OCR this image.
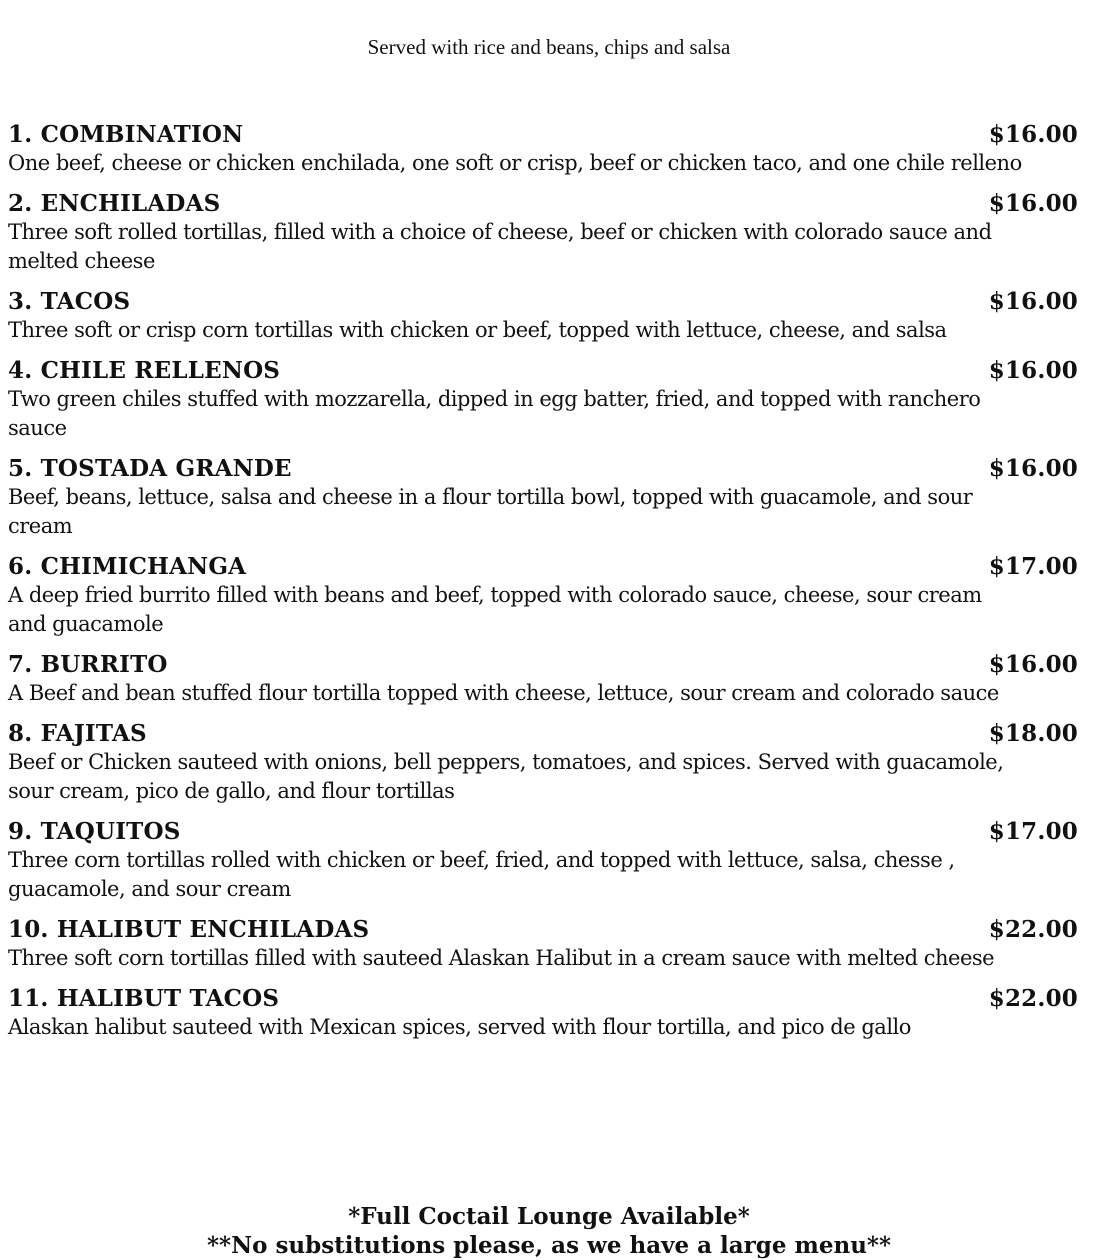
Served with rice and beans, chips and salsa
1. COMBINATION	$16.00
One beef, cheese or chicken enchilada, one soft or crisp, beef or chicken taco, and one chile relleno
2. ENCHILADAS	$16.00
Three soft rolled tortillas, filled with a choice of cheese, beef or chicken with colorado sauce and melted cheese
3. TACOS	$16.00
Three soft or crisp corn tortillas with chicken or beef, topped with lettuce, cheese, and salsa
4. CHILE RELLENOS	$16.00
Two green chiles stuffed with mozzarella, dipped in egg batter, fried, and topped with ranchero sauce
5. TOSTADA GRANDE	$16.00
Beef, beans, lettuce, salsa and cheese in a flour tortilla bowl, topped with guacamole, and sour cream
6. CHIMICHANGA	$17.00
A deep fried burrito filled with beans and beef, topped with colorado sauce, cheese, sour cream and guacamole
7. BURRITO	$16.00
A Beef and bean stuffed flour tortilla topped with cheese, lettuce, sour cream and colorado sauce
8. FAJITAS	$18.00
Beef or Chicken sauteed with onions, bell peppers, tomatoes, and spices. Served with guacamole, sour cream, pico de gallo, and flour tortillas
9. TAQUITOS	$17.00
Three corn tortillas rolled with chicken or beef, fried, and topped with lettuce, salsa, chesse , guacamole, and sour cream
10. HALIBUT ENCHILADAS	$22.00
Three soft corn tortillas filled with sauteed Alaskan Halibut in a cream sauce with melted cheese
11. HALIBUT TACOS	$22.00
Alaskan halibut sauteed with Mexican spices, served with flour tortilla, and pico de gallo
*Full Coctail Lounge Available*
**No substitutions please, as we have a large menu**
